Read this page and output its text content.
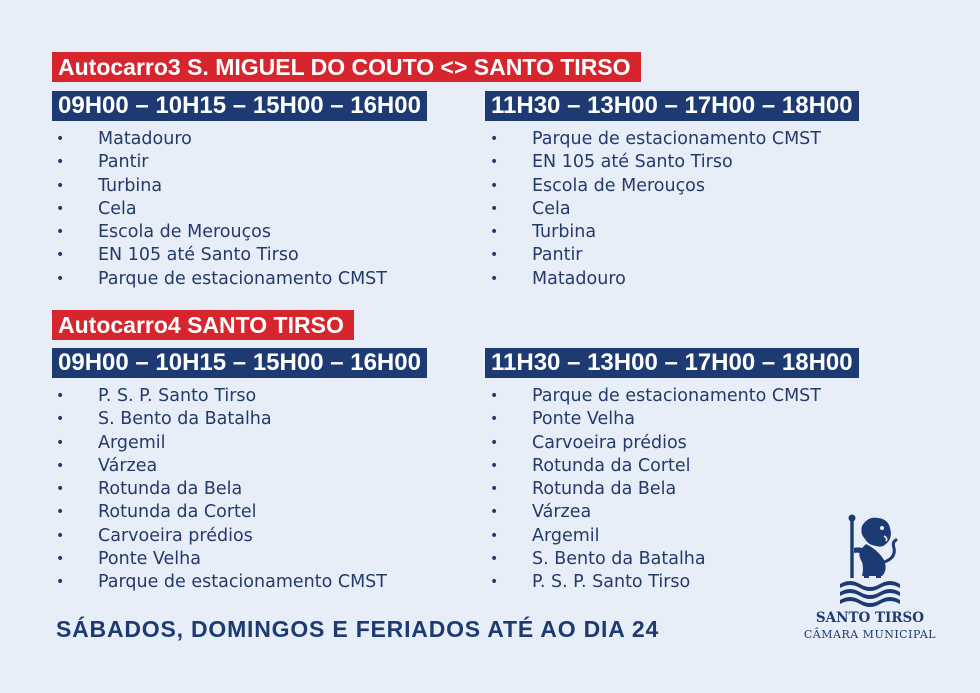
Autocarro3 S. MIGUEL DO COUTO <> SANTO TIRSO
09H00 – 10H15 – 15H00 – 16H00
• Matadouro
• Pantir
• Turbina
• Cela
• Escola de Merouços
• EN 105 até Santo Tirso
• Parque de estacionamento CMST
11H30 – 13H00 – 17H00 – 18H00
• Parque de estacionamento CMST
• EN 105 até Santo Tirso
• Escola de Merouços
• Cela
• Turbina
• Pantir
• Matadouro
Autocarro4 SANTO TIRSO
09H00 – 10H15 – 15H00 – 16H00
• P. S. P. Santo Tirso
• S. Bento da Batalha
• Argemil
• Várzea
• Rotunda da Bela
• Rotunda da Cortel
• Carvoeira prédios
• Ponte Velha
• Parque de estacionamento CMST
11H30 – 13H00 – 17H00 – 18H00
• Parque de estacionamento CMST
• Ponte Velha
• Carvoeira prédios
• Rotunda da Cortel
• Rotunda da Bela
• Várzea
• Argemil
• S. Bento da Batalha
• P. S. P. Santo Tirso
SÁBADOS, DOMINGOS E FERIADOS ATÉ AO DIA 24	SANTO TIRSO
CÂMARA MUNICIPAL
